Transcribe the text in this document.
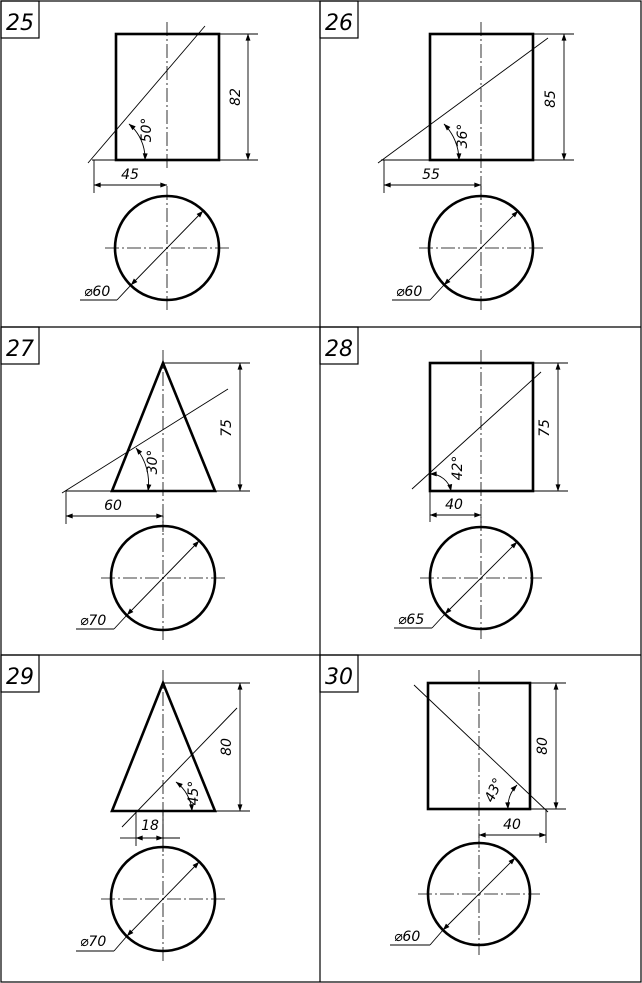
25
82
45
50°
⌀60
26
85
55
36°
⌀60
27
75
60
30°
⌀70
28
75
40
42°
⌀65
29
80
18
45°
⌀70
30
80
40
43°
⌀60
